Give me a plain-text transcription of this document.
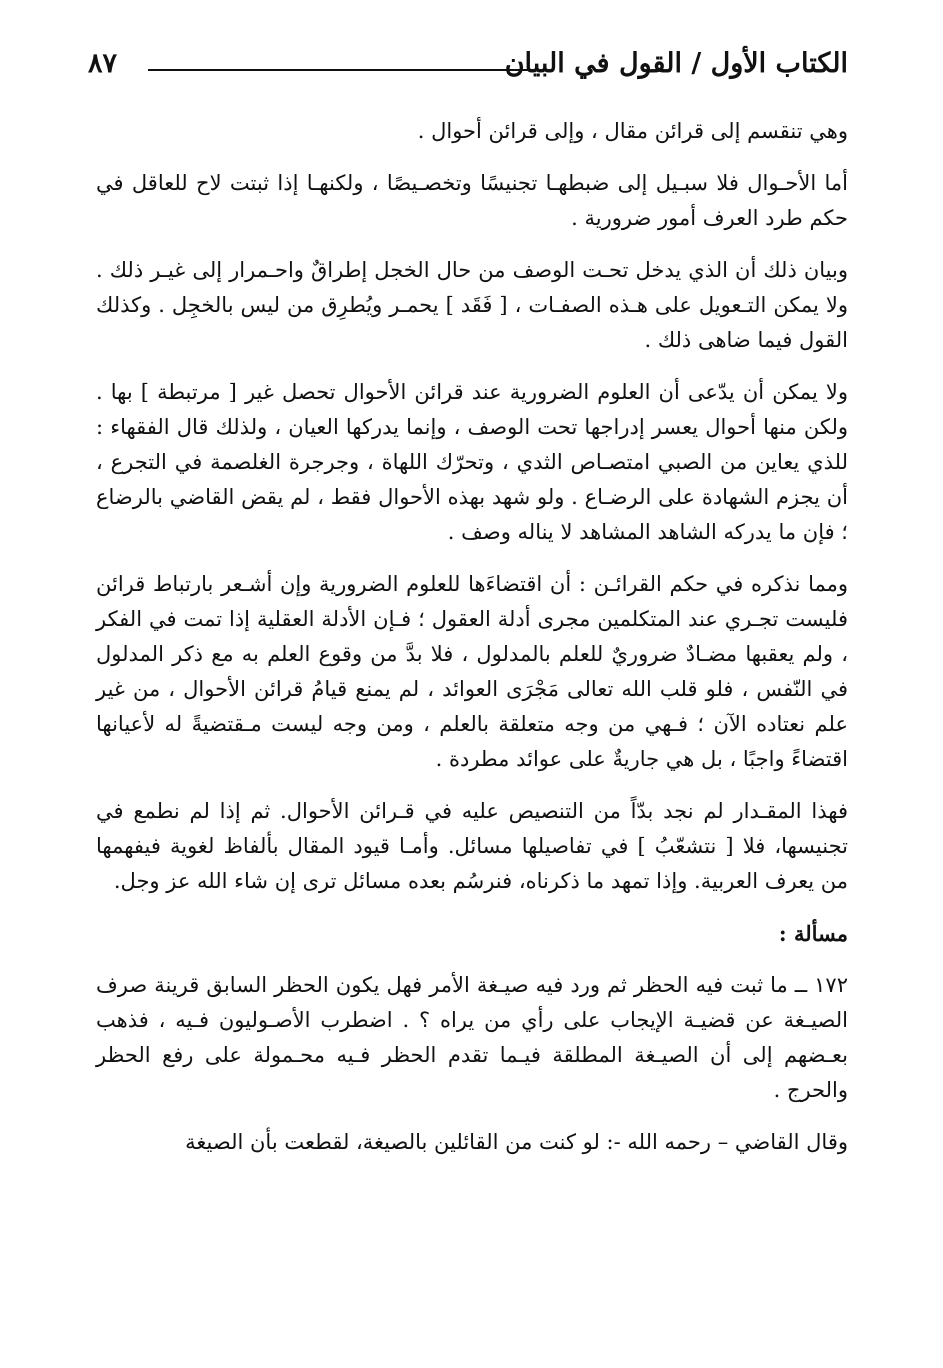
الكتاب الأول / القول في البيان
٨٧

وهي تنقسم إلى قرائن مقال ، وإلى قرائن أحوال .

أما الأحـوال فلا سبـيل إلى ضبطهـا تجنيسًا وتخصـيصًا ، ولكنهـا إذا ثبتت لاح للعاقل في حكم طرد العرف أمور ضرورية .

وبيان ذلك أن الذي يدخل تحـت الوصف من حال الخجل إطراقٌ واحـمرار إلى غيـر ذلك . ولا يمكن التـعويل على هـذه الصفـات ، [ فَقَد ] يحمـر ويُطرِق من ليس بالخجِل . وكذلك القول فيما ضاهى ذلك .

ولا يمكن أن يدّعى أن العلوم الضرورية عند قرائن الأحوال تحصل غير [ مرتبطة ] بها . ولكن منها أحوال يعسر إدراجها تحت الوصف ، وإنما يدركها العيان ، ولذلك قال الفقهاء : للذي يعاين من الصبي امتصـاص الثدي ، وتحرّك اللهاة ، وجرجرة الغلصمة في التجرع ، أن يجزم الشهادة على الرضـاع . ولو شهد بهذه الأحوال فقط ، لم يقض القاضي بالرضاع ؛ فإن ما يدركه الشاهد المشاهد لا يناله وصف .

ومما نذكره في حكم القرائـن : أن اقتضاءَها للعلوم الضرورية وإن أشـعر بارتباط قرائن فليست تجـري عند المتكلمين مجرى أدلة العقول ؛ فـإن الأدلة العقلية إذا تمت في الفكر ، ولم يعقبها مضـادٌ ضروريٌ للعلم بالمدلول ، فلا بدَّ من وقوع العلم به مع ذكر المدلول في النّفس ، فلو قلب الله تعالى مَجْرَى العوائد ، لم يمنع قيامُ قرائن الأحوال ، من غير علم نعتاده الآن ؛ فـهي من وجه متعلقة بالعلم ، ومن وجه ليست مـقتضيةً له لأعيانها اقتضاءً واجبًا ، بل هي جاريةٌ على عوائد مطردة .

فهذا المقـدار لم نجد بدّاً من التنصيص عليه في قـرائن الأحوال. ثم إذا لم نطمع في تجنيسها، فلا [ نتشعّبُ ] في تفاصيلها مسائل. وأمـا قيود المقال بألفاظ لغوية فيفهمها من يعرف العربية. وإذا تمهد ما ذكرناه، فنرسُم بعده مسائل ترى إن شاء الله عز وجل.

مسألة :

١٧٢ ــ ما ثبت فيه الحظر ثم ورد فيه صيـغة الأمر فهل يكون الحظر السابق قرينة صرف الصيـغة عن قضيـة الإيجاب على رأي من يراه ؟ . اضطرب الأصـوليون فـيه ، فذهب بعـضهم إلى أن الصيـغة المطلقة فيـما تقدم الحظر فـيه محـمولة على رفع الحظر والحرج .

وقال القاضي – رحمه الله -: لو كنت من القائلين بالصيغة، لقطعت بأن الصيغة
